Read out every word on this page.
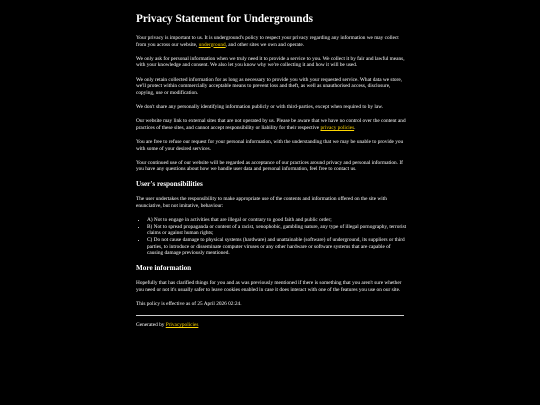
Privacy Statement for Undergrounds

Your privacy is important to us. It is underground's policy to respect your privacy regarding any information we may collect from you across our website, underground, and other sites we own and operate.

We only ask for personal information when we truly need it to provide a service to you. We collect it by fair and lawful means, with your knowledge and consent. We also let you know why we're collecting it and how it will be used.

We only retain collected information for as long as necessary to provide you with your requested service. What data we store, we'll protect within commercially acceptable means to prevent loss and theft, as well as unauthorised access, disclosure, copying, use or modification.

We don't share any personally identifying information publicly or with third-parties, except when required to by law.

Our website may link to external sites that are not operated by us. Please be aware that we have no control over the content and practices of these sites, and cannot accept responsibility or liability for their respective privacy policies.

You are free to refuse our request for your personal information, with the understanding that we may be unable to provide you with some of your desired services.

Your continued use of our website will be regarded as acceptance of our practices around privacy and personal information. If you have any questions about how we handle user data and personal information, feel free to contact us.

User's responsibilities

The user undertakes the responsibility to make appropriate use of the contents and information offered on the site with enunciative, but not imitative, behaviour:

• A) Not to engage in activities that are illegal or contrary to good faith and public order;
• B) Not to spread propaganda or content of a racist, xenophobic, gambling nature, any type of illegal pornography, terrorist claims or against human rights;
• C) Do not cause damage to physical systems (hardware) and unattainable (software) of underground, its suppliers or third parties, to introduce or disseminate computer viruses or any other hardware or software systems that are capable of causing damage previously mentioned.
More information

Hopefully that has clarified things for you and as was previously mentioned if there is something that you aren't sure whether you need or not it's usually safer to leave cookies enabled in case it does interact with one of the features you use on our site.

This policy is effective as of 25 April 2026 02:24.

Generated by Privacypolicies
